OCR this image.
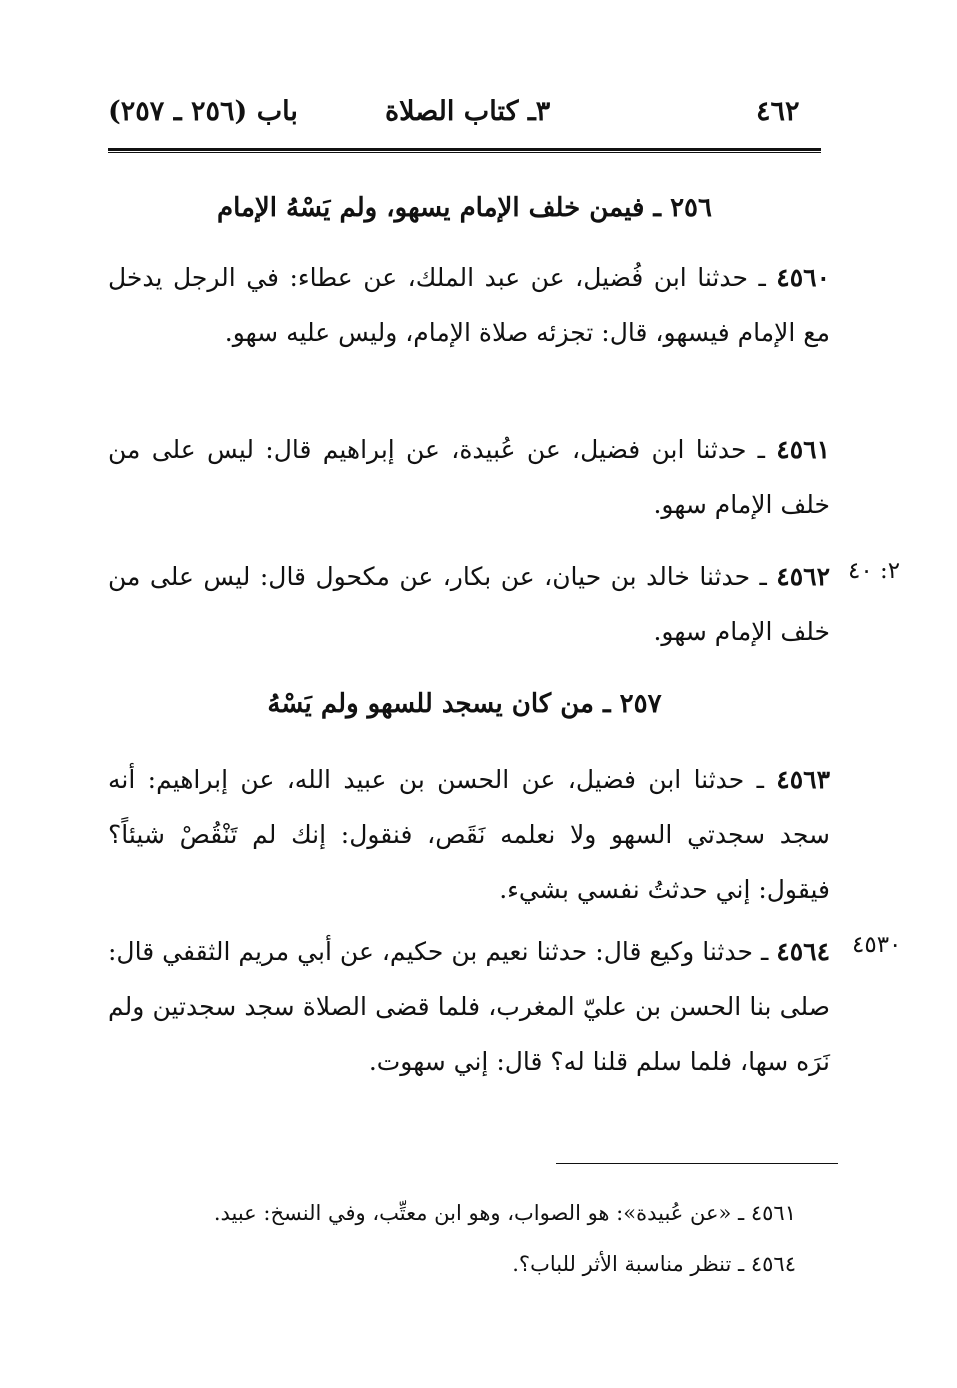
٤٦٢
٣ـ كتاب الصلاة
باب (٢٥٦ ـ ٢٥٧)
٢٥٦ ـ فيمن خلف الإمام يسهو، ولم يَسْهُ الإمام
٤٥٦٠ ـ حدثنا ابن فُضيل، عن عبد الملك، عن عطاء: في الرجل يدخل مع الإمام فيسهو، قال: تجزئه صلاة الإمام، وليس عليه سهو.
٤٥٦١ ـ حدثنا ابن فضيل، عن عُبيدة، عن إبراهيم قال: ليس على من خلف الإمام سهو.
٤٥٦٢ ـ حدثنا خالد بن حيان، عن بكار، عن مكحول قال: ليس على من خلف الإمام سهو.
٢: ٤٠
٢٥٧ ـ من كان يسجد للسهو ولم يَسْهُ
٤٥٦٣ ـ حدثنا ابن فضيل، عن الحسن بن عبيد الله، عن إبراهيم: أنه سجد سجدتي السهو ولا نعلمه نَقَص، فنقول: إنك لم تَنْقُصْ شيئاً؟ فيقول: إني حدثتُ نفسي بشيء.
٤٥٦٤ ـ حدثنا وكيع قال: حدثنا نعيم بن حكيم، عن أبي مريم الثقفي قال: صلى بنا الحسن بن عليّ المغرب، فلما قضى الصلاة سجد سجدتين ولم نَرَه سها، فلما سلم قلنا له؟ قال: إني سهوت.
٤٥٣٠
٤٥٦١ ـ «عن عُبيدة»: هو الصواب، وهو ابن معتِّب، وفي النسخ: عبيد.
٤٥٦٤ ـ تنظر مناسبة الأثر للباب؟.
